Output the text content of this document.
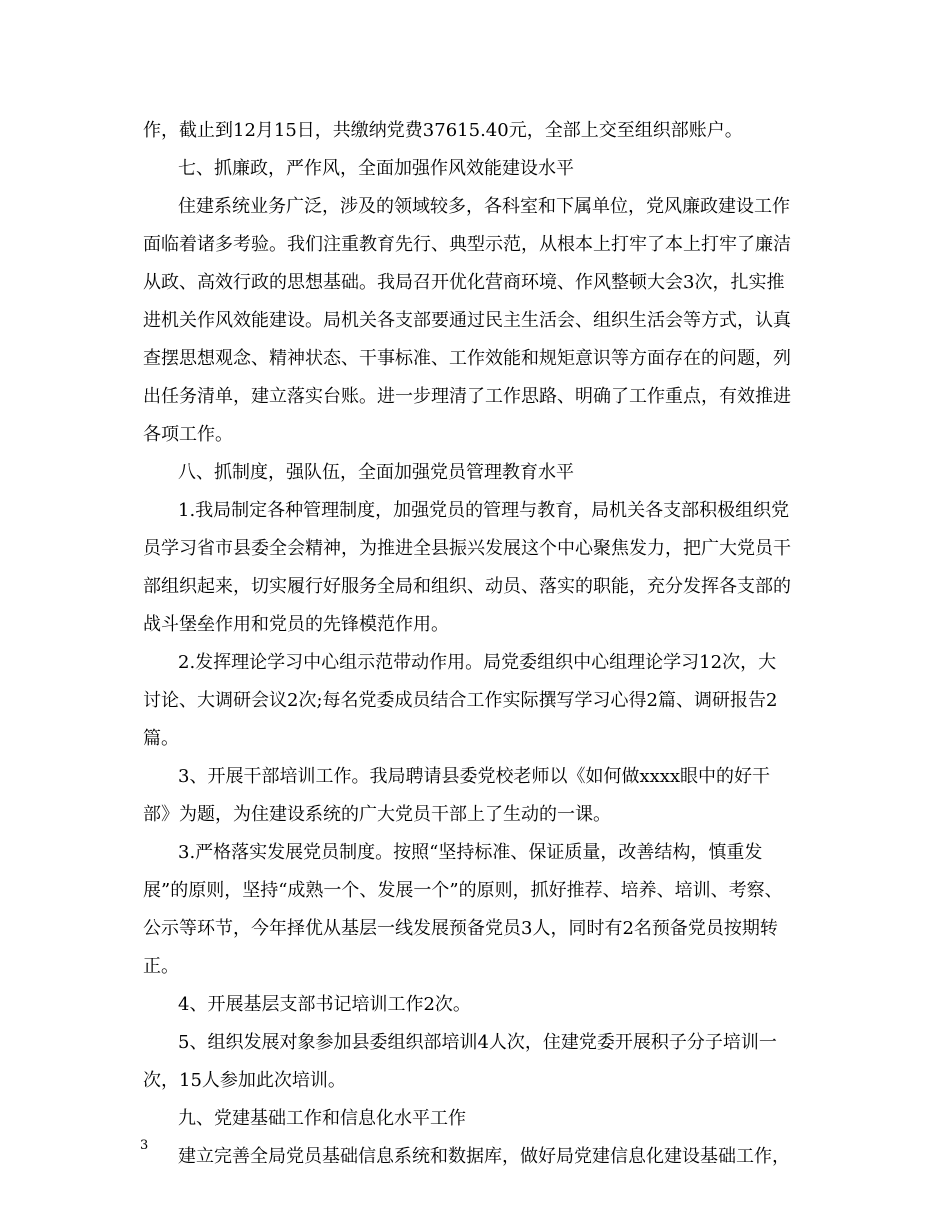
作，截止到12月15日，共缴纳党费37615.40元，全部上交至组织部账户。
七、抓廉政，严作风，全面加强作风效能建设水平
住建系统业务广泛，涉及的领域较多，各科室和下属单位，党风廉政建设工作
面临着诸多考验。我们注重教育先行、典型示范，从根本上打牢了本上打牢了廉洁
从政、高效行政的思想基础。我局召开优化营商环境、作风整顿大会3次，扎实推
进机关作风效能建设。局机关各支部要通过民主生活会、组织生活会等方式，认真
查摆思想观念、精神状态、干事标准、工作效能和规矩意识等方面存在的问题，列
出任务清单，建立落实台账。进一步理清了工作思路、明确了工作重点，有效推进
各项工作。
八、抓制度，强队伍，全面加强党员管理教育水平
1.我局制定各种管理制度，加强党员的管理与教育，局机关各支部积极组织党
员学习省市县委全会精神，为推进全县振兴发展这个中心聚焦发力，把广大党员干
部组织起来，切实履行好服务全局和组织、动员、落实的职能，充分发挥各支部的
战斗堡垒作用和党员的先锋模范作用。
2.发挥理论学习中心组示范带动作用。局党委组织中心组理论学习12次，大
讨论、大调研会议2次;每名党委成员结合工作实际撰写学习心得2篇、调研报告2
篇。
3、开展干部培训工作。我局聘请县委党校老师以《如何做xxxx眼中的好干
部》为题，为住建设系统的广大党员干部上了生动的一课。
3.严格落实发展党员制度。按照“坚持标准、保证质量，改善结构，慎重发
展”的原则，坚持“成熟一个、发展一个”的原则，抓好推荐、培养、培训、考察、
公示等环节，今年择优从基层一线发展预备党员3人，同时有2名预备党员按期转
正。
4、开展基层支部书记培训工作2次。
5、组织发展对象参加县委组织部培训4人次，住建党委开展积子分子培训一
次，15人参加此次培训。
九、党建基础工作和信息化水平工作
建立完善全局党员基础信息系统和数据库，做好局党建信息化建设基础工作，
3
